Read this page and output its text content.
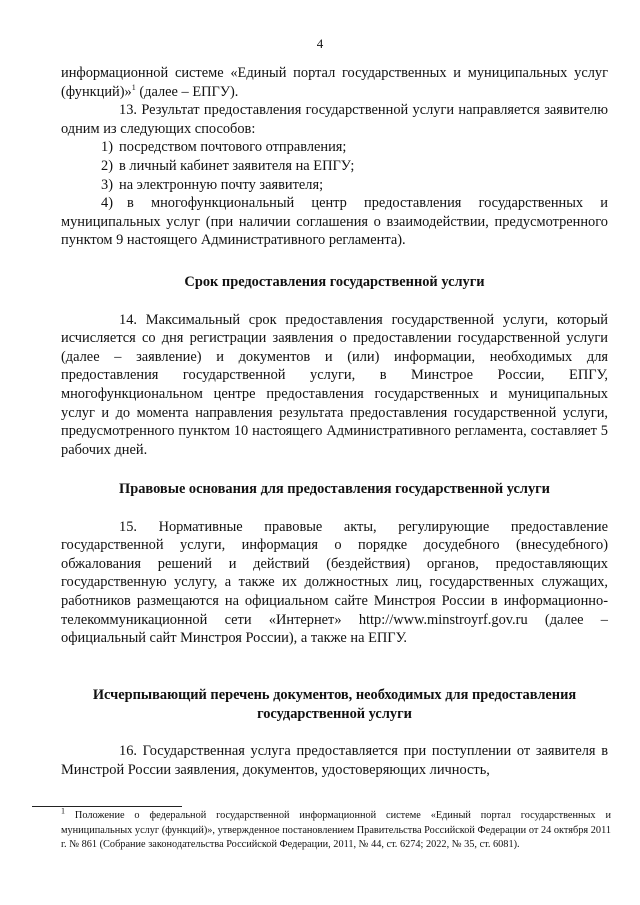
4

информационной системе «Единый портал государственных и муниципальных услуг

(функций)»$^1$ (далее – ЕПГУ).

13. Результат предоставления государственной услуги направляется заявителю одним из следующих способов:

1) посредством почтового отправления;
2) в личный кабинет заявителя на ЕПГУ;
3) на электронную почту заявителя;

4) в многофункциональный центр предоставления государственных и муниципальных услуг (при наличии соглашения о взаимодействии, предусмотренного пунктом 9 настоящего Административного регламента).

Срок предоставления государственной услуги

14. Максимальный срок предоставления государственной услуги, который исчисляется со дня регистрации заявления о предоставлении государственной услуги (далее – заявление) и документов и (или) информации, необходимых для предоставления государственной услуги, в Минстрое России, ЕПГУ, многофункциональном центре предоставления государственных и муниципальных услуг и до момента направления результата предоставления государственной услуги, предусмотренного пунктом 10 настоящего Административного регламента, составляет 5 рабочих дней.

Правовые основания для предоставления государственной услуги

15. Нормативные правовые акты, регулирующие предоставление государственной услуги, информация о порядке досудебного (внесудебного) обжалования решений и действий (бездействия) органов, предоставляющих государственную услугу, а также их должностных лиц, государственных служащих, работников размещаются на официальном сайте Минстроя России в информационно-телекоммуникационной сети «Интернет» http://www.minstroyrf.gov.ru (далее – официальный сайт Минстроя России), а также на ЕПГУ.

Исчерпывающий перечень документов, необходимых для предоставления

государственной услуги

16. Государственная услуга предоставляется при поступлении от заявителя в Минстрой России заявления, документов, удостоверяющих личность,

$^1$ Положение о федеральной государственной информационной системе «Единый портал государственных и муниципальных услуг (функций)», утвержденное постановлением Правительства Российской Федерации от 24 октября 2011 г. № 861 (Собрание законодательства Российской Федерации, 2011, № 44, ст. 6274; 2022, № 35, ст. 6081).
